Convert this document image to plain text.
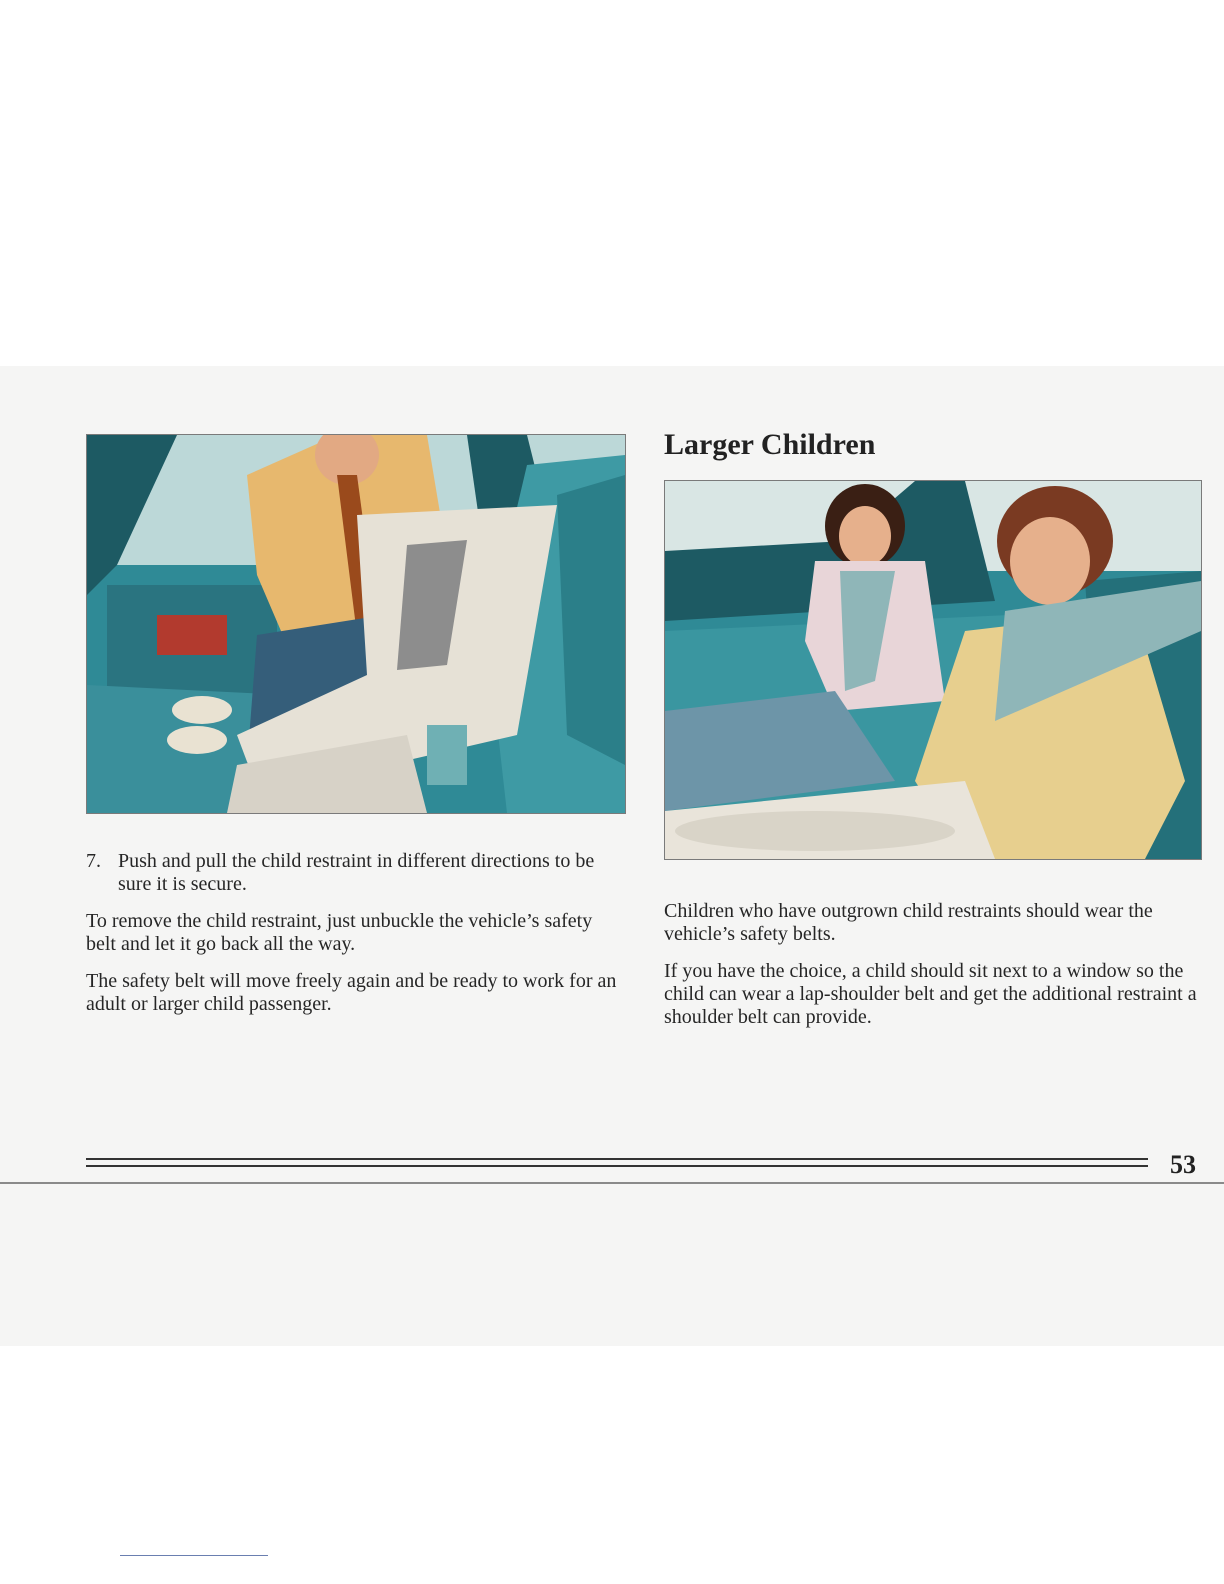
7. Push and pull the child restraint in different directions to be sure it is secure.

To remove the child restraint, just unbuckle the vehicle’s safety belt and let it go back all the way.

The safety belt will move freely again and be ready to work for an adult or larger child passenger.

Larger Children

Children who have outgrown child restraints should wear the vehicle’s safety belts.

If you have the choice, a child should sit next to a window so the child can wear a lap-shoulder belt and get the additional restraint a shoulder belt can provide.

53
